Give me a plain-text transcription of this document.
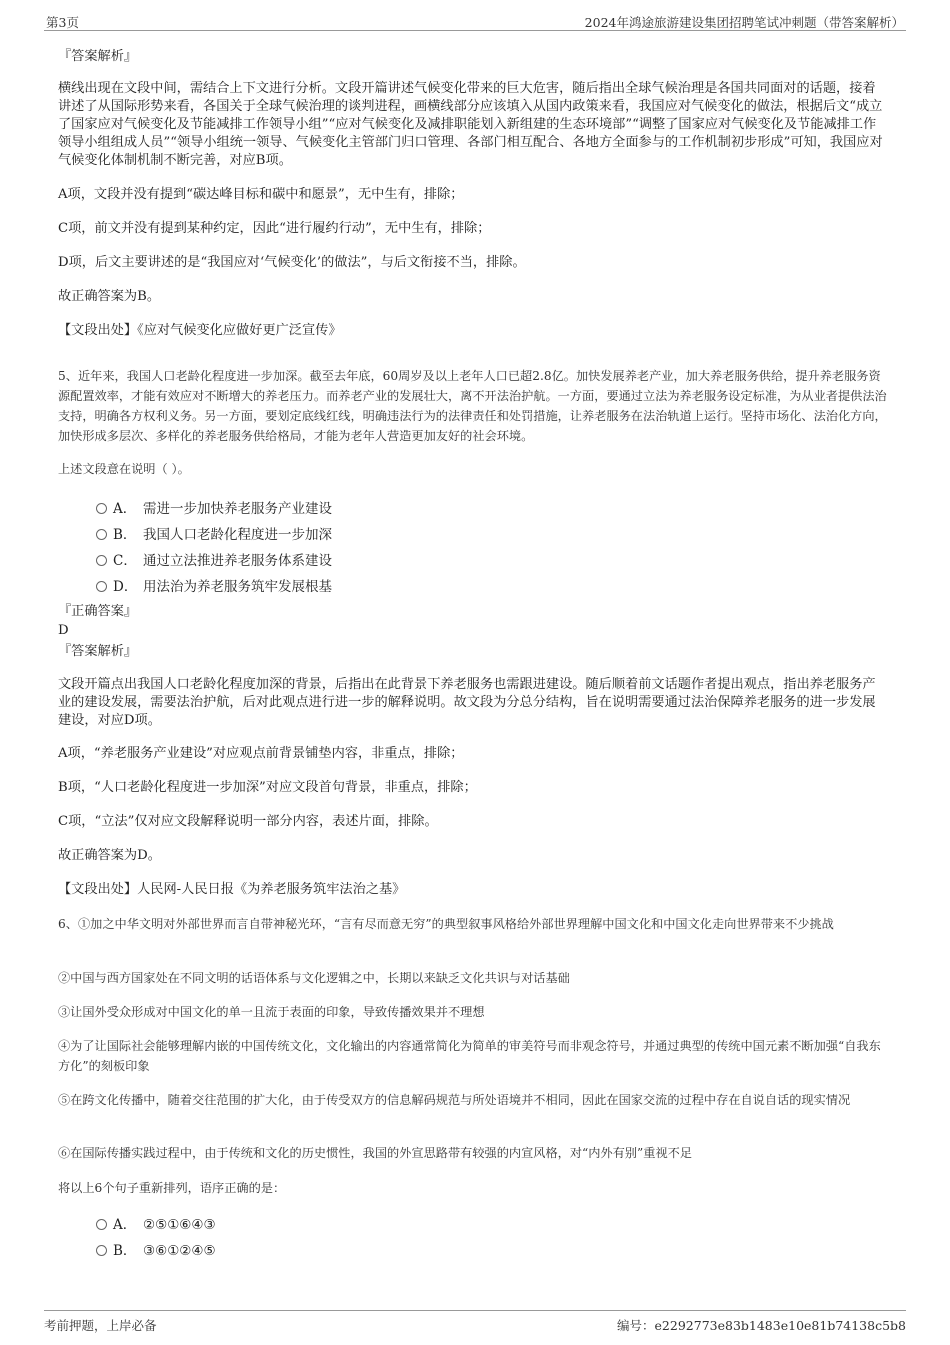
第3页	2024年鸿途旅游建设集团招聘笔试冲刺题（带答案解析）
『答案解析』
横线出现在文段中间，需结合上下文进行分析。文段开篇讲述气候变化带来的巨大危害，随后指出全球气候治理是各国共同面对的话题，接着讲述了从国际形势来看，各国关于全球气候治理的谈判进程，画横线部分应该填入从国内政策来看，我国应对气候变化的做法，根据后文“成立了国家应对气候变化及节能减排工作领导小组”“应对气候变化及减排职能划入新组建的生态环境部”“调整了国家应对气候变化及节能减排工作领导小组组成人员”“领导小组统一领导、气候变化主管部门归口管理、各部门相互配合、各地方全面参与的工作机制初步形成”可知，我国应对气候变化体制机制不断完善，对应B项。
A项，文段并没有提到“碳达峰目标和碳中和愿景”，无中生有，排除；
C项，前文并没有提到某种约定，因此“进行履约行动”，无中生有，排除；
D项，后文主要讲述的是“我国应对‘气候变化’的做法”，与后文衔接不当，排除。
故正确答案为B。
【文段出处】《应对气候变化应做好更广泛宣传》
5、近年来，我国人口老龄化程度进一步加深。截至去年底，60周岁及以上老年人口已超2.8亿。加快发展养老产业，加大养老服务供给，提升养老服务资源配置效率，才能有效应对不断增大的养老压力。而养老产业的发展壮大，离不开法治护航。一方面，要通过立法为养老服务设定标准，为从业者提供法治支持，明确各方权利义务。另一方面，要划定底线红线，明确违法行为的法律责任和处罚措施，让养老服务在法治轨道上运行。坚持市场化、法治化方向，加快形成多层次、多样化的养老服务供给格局，才能为老年人营造更加友好的社会环境。
上述文段意在说明（ ）。
A． 需进一步加快养老服务产业建设
B． 我国人口老龄化程度进一步加深
C． 通过立法推进养老服务体系建设
D． 用法治为养老服务筑牢发展根基
『正确答案』
D
『答案解析』
文段开篇点出我国人口老龄化程度加深的背景，后指出在此背景下养老服务也需跟进建设。随后顺着前文话题作者提出观点，指出养老服务产业的建设发展，需要法治护航，后对此观点进行进一步的解释说明。故文段为分总分结构，旨在说明需要通过法治保障养老服务的进一步发展建设，对应D项。
A项，“养老服务产业建设”对应观点前背景铺垫内容，非重点，排除；
B项，“人口老龄化程度进一步加深”对应文段首句背景，非重点，排除；
C项，“立法”仅对应文段解释说明一部分内容，表述片面，排除。
故正确答案为D。
【文段出处】人民网-人民日报《为养老服务筑牢法治之基》
6、①加之中华文明对外部世界而言自带神秘光环，“言有尽而意无穷”的典型叙事风格给外部世界理解中国文化和中国文化走向世界带来不少挑战
②中国与西方国家处在不同文明的话语体系与文化逻辑之中，长期以来缺乏文化共识与对话基础
③让国外受众形成对中国文化的单一且流于表面的印象，导致传播效果并不理想
④为了让国际社会能够理解内嵌的中国传统文化，文化输出的内容通常简化为简单的审美符号而非观念符号，并通过典型的传统中国元素不断加强“自我东方化”的刻板印象
⑤在跨文化传播中，随着交往范围的扩大化，由于传受双方的信息解码规范与所处语境并不相同，因此在国家交流的过程中存在自说自话的现实情况
⑥在国际传播实践过程中，由于传统和文化的历史惯性，我国的外宣思路带有较强的内宣风格，对“内外有别”重视不足
将以上6个句子重新排列，语序正确的是：
A． ②⑤①⑥④③
B． ③⑥①②④⑤
考前押题，上岸必备	编号：e2292773e83b1483e10e81b74138c5b8
